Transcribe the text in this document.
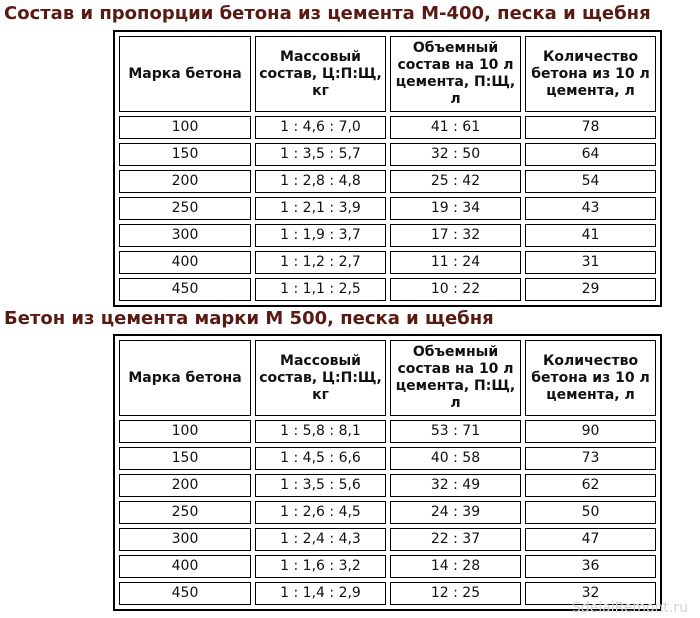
Состав и пропорции бетона из цемента М-400, песка и щебня
Марка бетона	Массовый состав, Ц:П:Щ, кг	Объемный состав на 10 л цемента, П:Щ, л	Количество бетона из 10 л цемента, л
100	1 : 4,6 : 7,0	41 : 61	78
150	1 : 3,5 : 5,7	32 : 50	64
200	1 : 2,8 : 4,8	25 : 42	54
250	1 : 2,1 : 3,9	19 : 34	43
300	1 : 1,9 : 3,7	17 : 32	41
400	1 : 1,2 : 2,7	11 : 24	31
450	1 : 1,1 : 2,5	10 : 22	29
Бетон из цемента марки М 500, песка и щебня
Марка бетона	Массовый состав, Ц:П:Щ, кг	Объемный состав на 10 л цемента, П:Щ, л	Количество бетона из 10 л цемента, л
100	1 : 5,8 : 8,1	53 : 71	90
150	1 : 4,5 : 6,6	40 : 58	73
200	1 : 3,5 : 5,6	32 : 49	62
250	1 : 2,6 : 4,5	24 : 39	50
300	1 : 2,4 : 4,3	22 : 37	47
400	1 : 1,6 : 3,2	14 : 28	36
450	1 : 1,4 : 2,9	12 : 25	32
SdelaiRemont.ru
